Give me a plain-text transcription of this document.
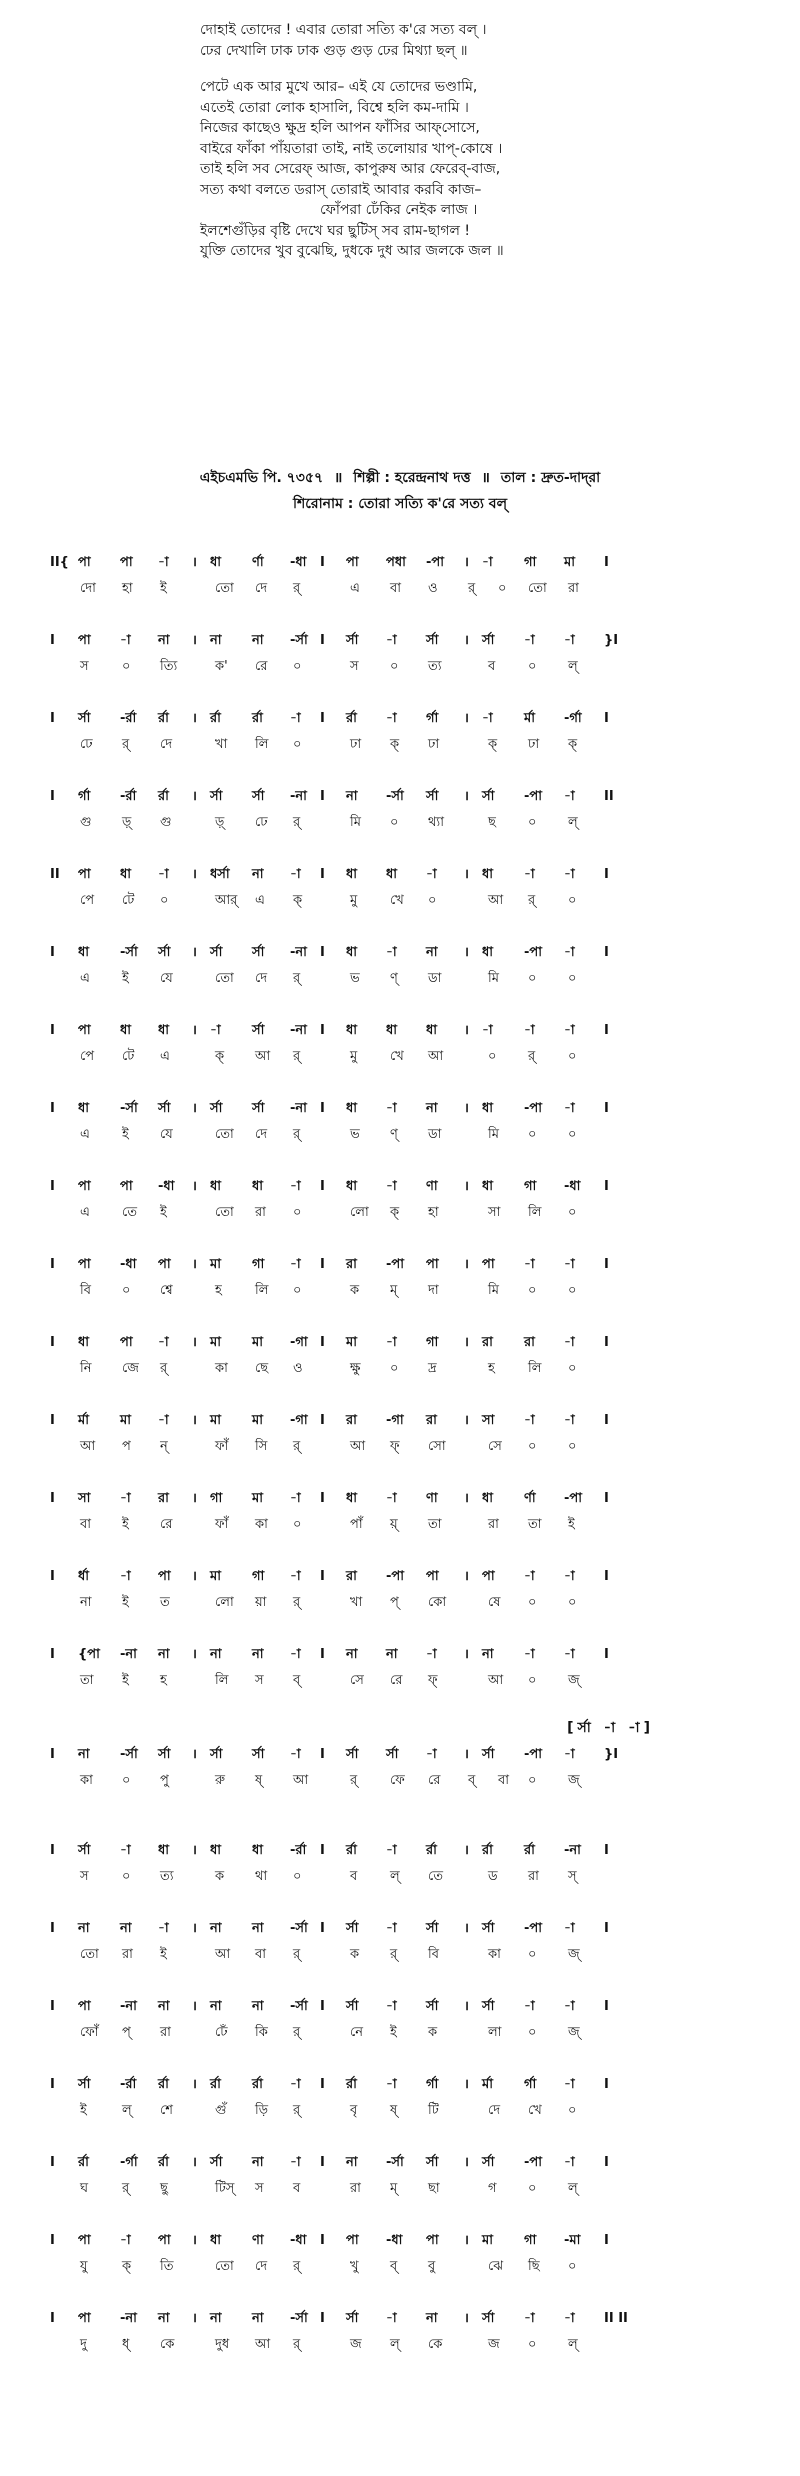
দোহাই তোদের ! এবার তোরা সত্যি ক'রে সত্য বল্ ।
ঢের দেখালি ঢাক ঢাক গুড় গুড় ঢের মিথ্যা ছল্ ॥
পেটে এক আর মুখে আর– এই যে তোদের ভণ্ডামি,
এতেই তোরা লোক হাসালি, বিশ্বে হলি কম-দামি ।
নিজের কাছেও ক্ষুদ্র হলি আপন ফাঁসির আফ্‌সোসে,
বাইরে ফাঁকা পাঁয়তারা তাই, নাই তলোয়ার খাপ্-কোষে ।
তাই হলি সব সেরেফ্ আজ, কাপুরুষ আর ফেরেব্-বাজ,
সত্য কথা বলতে ডরাস্ তোরাই আবার করবি কাজ–
ফোঁপরা ঢেঁকির নেইক লাজ ।
ইলশেগুঁড়ির বৃষ্টি দেখে ঘর ছুটিস্ সব রাম-ছাগল !
যুক্তি তোদের খুব বুঝেছি, দুধকে দুধ আর জলকে জল ॥
এইচএমভি পি. ৭৩৫৭ ॥ শিল্পী : হরেন্দ্রনাথ দত্ত ॥ তাল : দ্রুত-দাদ্‌রা
শিরোনাম : তোরা সত্যি ক'রে সত্য বল্
II{ পা পা -া । ধা র্ণা -ধা I পা পধা -পা । -া গা মা I
দো হা ই	তো দে র্	এ বা ও র্ ০ তো রা
I পা -া না । না না -র্সা I র্সা -া র্সা । র্সা -া -া }I
স	০ ত্যি	ক' রে ০	স ০ ত্য	ব	০ ল্
I র্সা -র্রা র্রা । র্রা র্রা -া I র্রা -া র্গা । -া র্মা -র্গা I
ঢে র্ দে	খা লি ০	ঢা ক্ ঢা	ক্ ঢা ক্
I র্গা -র্রা র্রা । র্সা র্সা -না I না -র্সা র্সা । র্সা -পা -া II
গু ড়্ গু	ড়্ ঢে র্	মি ০ থ্যা	ছ ০ ল্
II পা ধা -া । ধর্সা না -া I ধা ধা -া । ধা -া -া I
পে টে ০	আর্ এ ক্	মু	খে ০	আ র্	০
I ধা -র্সা র্সা । র্সা র্সা -না I ধা -া না । ধা -পা -া I
এ ই যে	তো দে র্	ভ ণ্ ডা	মি ০ ০
I পা ধা ধা । -া র্সা -না I ধা ধা ধা । -া -া -া I
পে টে এ	ক্ আ র্	মু	খে আ	০ র্	০
I ধা -র্সা র্সা । র্সা র্সা -না I ধা -া না । ধা -পা -া I
এ ই যে	তো দে র্	ভ ণ্ ডা	মি ০ ০
I পা পা -ধা । ধা ধা -া I ধা -া ণা । ধা গা -ধা I
এ তে ই	তো রা ০	লো ক্ হা	সা লি ০
I পা -ধা পা । মা গা -া I রা -পা পা । পা -া -া I
বি ০ শ্বে	হ	লি ০	ক ম্ দা	মি ০ ০
I ধা পা -া । মা মা -গা I মা -া গা । রা রা -া I
নি জে র্	কা ছে ও	ক্ষু ০ দ্র	হ	লি ০
I র্মা মা -া । মা মা -গা I রা -গা রা । সা -া -া I
আ প ন্	ফাঁ সি র্	আ ফ্ সো	সে ০ ০
I সা -া রা । গা মা -া I ধা -া ণা । ধা র্ণা -পা I
বা ই রে	ফাঁ কা ০	পাঁ য়্ তা	রা তা ই
I র্ধা -া পা । মা গা -া I রা -পা পা । পা -া -া I
না ই ত	লো য়া র্	খা প্ কো	ষে ০ ০
I {পা -না না । না না -া I না না -া । না -া -া I
তা ই হ	লি স ব্	সে রে ফ্	আ ০ জ্
[র্সা -া -া]
I না -র্সা র্সা । র্সা র্সা -া I র্সা র্সা -া । র্সা -পা -া }I
কা ০ পু	রু ষ্ আ	র্	ফে রে ব্ বা ০ জ্
I র্সা -া ধা । ধা ধা -র্রা I র্রা -া র্রা । র্রা র্রা -না I
স	০ ত্য	ক থা ০	ব	ল্ তে	ড রা স্
I না না -া । না না -র্সা I র্সা -া র্সা । র্সা -পা -া I
তো রা ই	আ বা র্	ক র্ বি	কা ০ জ্
I পা -না না । না না -র্সা I র্সা -া র্সা । র্সা -া -া I
ফোঁ প্ রা	ঢেঁ কি র্	নে ই ক	লা ০ জ্
I র্সা -র্রা র্রা । র্রা র্রা -া I র্রা -া র্গা । র্মা র্গা -া I
ই	ল্ শে	গুঁ ড়ি র্	বৃ	ষ্ টি	দে খে ০
I র্রা -র্গা র্রা । র্সা না -া I না -র্সা র্সা । র্সা -পা -া I
ঘ	র্ ছু	টিস্ স ব	রা ম্ ছা	গ ০ ল্
I পা -া পা । ধা ণা -ধা I পা -ধা পা । মা গা -মা I
যু	ক্ তি	তো দে র্	খু ব্ বু	ঝে ছি ০
I পা -না না । না না -র্সা I র্সা -া না । র্সা -া -া II II
দু	ধ্ কে	দুধ আ র্	জ ল্ কে	জ ০ ল্
